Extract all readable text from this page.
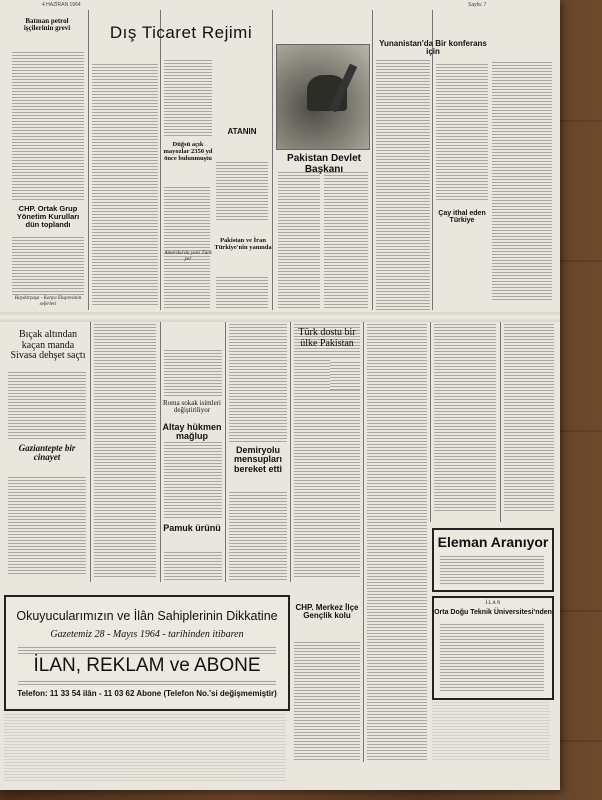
4 HAZİRAN 1964	Sayfa: 7
Batman petrol işçilerinin grevi	Dış Ticaret Rejimi
Yunanistan'da Bir konferans için
ATANIN
Düğsü açık mayozlar 2350 yıl önce bulunmuştu
Amerika'da yeni Türk yer
Pakistan ve İran Türkiye'nin yanında
Pakistan Devlet Başkanı
CHP. Ortak Grup Yönetim Kurulları dün toplandı
Haydarpaşa - Konya Ekspresinin seferleri
Çay ithal eden Türkiye
Bıçak altından kaçan manda Sivasa dehşet saçtı
Roma sokak isimleri değiştiriliyor
Altay hükmen mağlup
Demiryolu mensupları bereket etti
Türk dostu bir ülke Pakistan
Gaziantepte bir cinayet
Pamuk ürünü
CHP. Merkez İlçe Gençlik kolu
Eleman Aranıyor
İ L A N
Orta Doğu Teknik Üniversitesi'nden
Okuyucularımızın ve İlân Sahiplerinin Dikkatine
Gazetemiz 28 - Mayıs 1964 - tarihinden itibaren
İLAN, REKLAM ve ABONE
Telefon: 11 33 54 ilân - 11 03 62 Abone (Telefon No.'si değişmemiştir)
